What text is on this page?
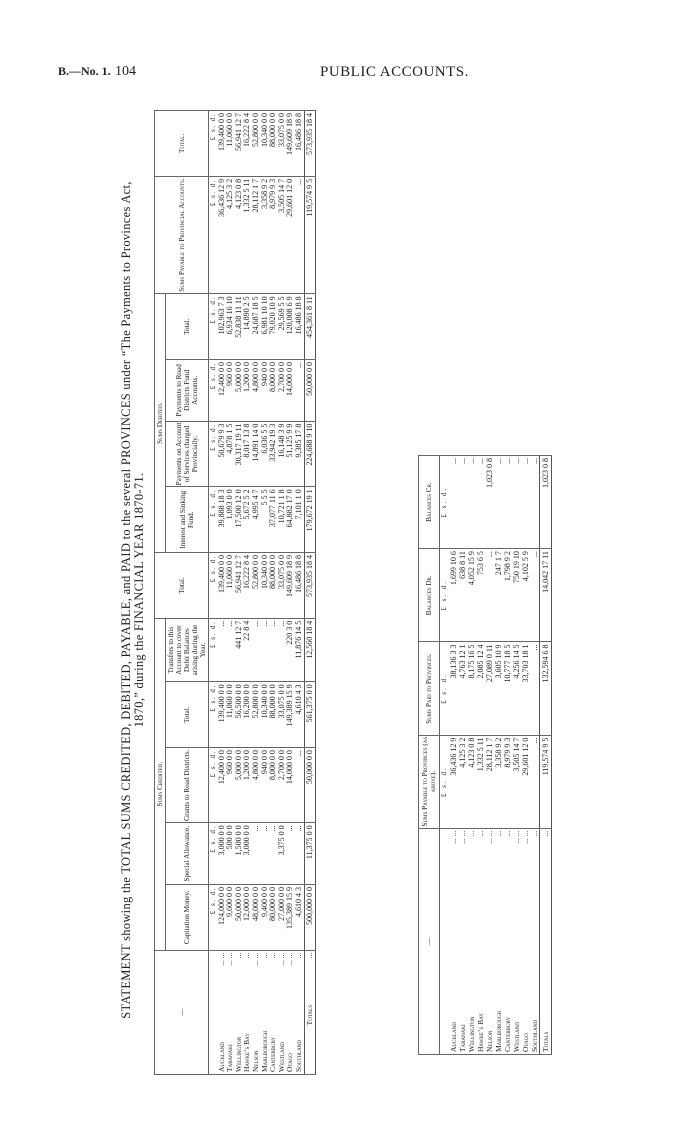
B.—No. 1. 104	PUBLIC ACCOUNTS.
STATEMENT showing the TOTAL SUMS CREDITED, DEBITED, PAYABLE, and PAID to the several PROVINCES under “The Payments to Provinces Act, 1870,” during the FINANCIAL YEAR 1870-71.
—	Sums Credited.					Total.	Sums Debited.				Sums Payable to Provincial Accounts.	Total.
	Capitation Money.	Special Allowance.	Grants to Road Districts.	Total.	Transfers to this Account to cover Debit Balances arising during the Year.		Interest and Sinking Fund.	Payments on Account of Services charged Provincially.	Payments to Road Districts Fund Accounts.	Total.		
	£ s. d.	£ s. d.	£ s. d.	£ s. d.	£ s. d.	£ s. d.	£ s. d.	£ s. d.	£ s. d.	£ s. d.	£ s. d.	£ s. d.
Auckland
... ...	124,000 0 0	3,000 0 0	12,400 0 0	139,400 0 0	...	139,400 0 0	39,888 18 3	50,679 9 3	12,400 0 0	102,963 7 3	36,436 12 9	139,400 0 0
Taranaki
... ...	9,600 0 0	500 0 0	960 0 0	11,060 0 0	...	11,060 0 0	1,093 0 0	4,878 1 5	960 0 0	6,934 16 10	4,125 3 2	11,060 0 0
Wellington
...	50,000 0 0	1,500 0 0	5,000 0 0	56,500 0 0	441 12 7	56,941 12 7	17,500 12 0	30,317 19 11	5,000 0 0	52,838 11 11	4,123 0 8	56,941 12 7
Hawke’s Bay
...	12,000 0 0	3,000 0 0	1,200 0 0	16,200 0 0	22 8 4	16,222 8 4	5,672 5 2	8,017 13 8	1,200 0 0	14,890 2 5	1,332 5 11	16,222 8 4
Nelson
... ...	48,000 0 0	...	4,800 0 0	52,800 0 0	...	52,800 0 0	4,995 4 7	14,891 14 0	4,800 0 0	24,687 18 5	28,112 1 7	52,800 0 0
Marlborough
...	9,400 0 0	...	940 0 0	10,340 0 0	...	10,340 0 0	5 5 5	6,036 5 5	940 0 0	6,981 10 10	3,358 9 2	10,340 0 0
Canterbury
...	80,000 0 0	...	8,000 0 0	88,000 0 0	...	88,000 0 0	37,077 11 6	33,942 19 3	8,000 0 0	79,020 10 9	8,979 9 3	88,000 0 0
Westland
... ...	27,000 0 0	3,375 0 0	2,700 0 0	33,075 0 0	...	33,075 0 0	10,721 1 8	16,148 3 9	2,700 0 0	29,569 5 5	3,505 14 7	33,075 0 0
Otago
... ...	135,389 15 9	...	14,000 0 0	149,389 15 9	220 3 0	149,609 18 9	64,882 17 0	51,125 9 9	14,000 0 0	120,008 6 9	29,601 12 0	149,609 18 9
Southland
...	4,610 4 3	...	...	4,610 4 3	11,876 14 5	16,486 18 8	7,101 1 0	9,385 17 8	...	16,486 18 8	...	16,486 18 8
Totals
...	500,000 0 0	11,375 0 0	50,000 0 0	561,375 0 0	12,560 18 4	573,935 18 4	179,672 19 1	224,688 9 10	50,000 0 0	454,361 8 11	119,574 9 5	573,935 18 4
—	Sums Payable to Provinces (as above).	Sums Paid to Provinces.	Balances Dr.	Balances Cr.
	£ s. d.	£ s. d.	£ s. d.	£ s. d.
Auckland
... ...	36,436 12 9	38,136 3 3	1,699 10 6	...
Taranaki
... ...	4,125 3 2	4,763 12 1	638 8 11	...
Wellington
...	4,123 0 8	8,175 16 5	4,052 15 9	...
Hawke’s Bay
...	1,332 5 11	2,085 12 4	753 6 5	...
Nelson
... ...	28,112 1 7	27,089 0 11	...	1,023 0 8
Marlborough
...	3,358 9 2	3,605 10 9	247 1 7	...
Canterbury
...	8,979 9 3	10,777 18 5	1,798 9 2	...
Westland
... ...	3,505 14 7	4,256 14 5	750 19 10	...
Otago
... ...	29,601 12 0	33,703 18 1	4,102 5 9	...
Southland
...	...	...	...	...
Totals
...	119,574 9 5	132,594 6 8	14,042 17 11	1,023 0 8
